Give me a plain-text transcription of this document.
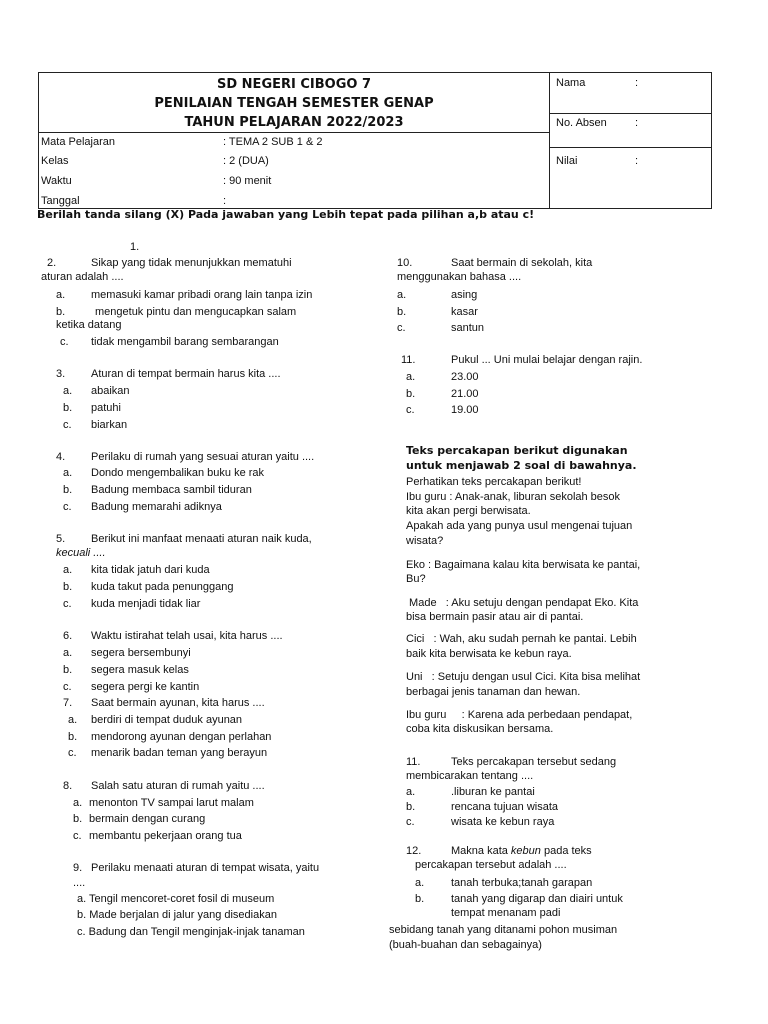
SD NEGERI CIBOGO 7
PENILAIAN TENGAH SEMESTER GENAP
TAHUN PELAJARAN 2022/2023
Mata Pelajaran	: TEMA 2 SUB 1 & 2
Kelas	: 2 (DUA)
Waktu	: 90 menit
Tanggal	:
Nama	:
No. Absen	:
Nilai	:
Berilah tanda silang (X) Pada jawaban yang Lebih tepat pada pilihan a,b atau c!
1.
2.	Sikap yang tidak menunjukkan mematuhi
aturan adalah ....
a. memasuki kamar pribadi orang lain tanpa izin
b.	mengetuk pintu dan mengucapkan salam
ketika datang
c. tidak mengambil barang sembarangan
3. Aturan di tempat bermain harus kita ....
a. abaikan
b. patuhi
c. biarkan
4. Perilaku di rumah yang sesuai aturan yaitu ....
a. Dondo mengembalikan buku ke rak
b. Badung membaca sambil tiduran
c. Badung memarahi adiknya
5. Berikut ini manfaat menaati aturan naik kuda,
kecuali ....
a. kita tidak jatuh dari kuda
b. kuda takut pada penunggang
c. kuda menjadi tidak liar
6. Waktu istirahat telah usai, kita harus ....
a. segera bersembunyi
b. segera masuk kelas
c. segera pergi ke kantin
7. Saat bermain ayunan, kita harus ....
a. berdiri di tempat duduk ayunan
b. mendorong ayunan dengan perlahan
c. menarik badan teman yang berayun
8. Salah satu aturan di rumah yaitu ....
a. menonton TV sampai larut malam
b. bermain dengan curang
c. membantu pekerjaan orang tua
9. Perilaku menaati aturan di tempat wisata, yaitu
....
a. Tengil mencoret-coret fosil di museum
b. Made berjalan di jalur yang disediakan
c. Badung dan Tengil menginjak-injak tanaman
10.	Saat bermain di sekolah, kita
menggunakan bahasa ....
a.	asing
b.	kasar
c.	santun
11.	Pukul ... Uni mulai belajar dengan rajin.
a.	23.00
b.	21.00
c.	19.00
Teks percakapan berikut digunakan
untuk menjawab 2 soal di bawahnya.
Perhatikan teks percakapan berikut!
Ibu guru : Anak-anak, liburan sekolah besok
kita akan pergi berwisata.
Apakah ada yang punya usul mengenai tujuan
wisata?
Eko : Bagaimana kalau kita berwisata ke pantai,
Bu?
Made   : Aku setuju dengan pendapat Eko. Kita
bisa bermain pasir atau air di pantai.
Cici   : Wah, aku sudah pernah ke pantai. Lebih
baik kita berwisata ke kebun raya.
Uni   : Setuju dengan usul Cici. Kita bisa melihat
berbagai jenis tanaman dan hewan.
Ibu guru     : Karena ada perbedaan pendapat,
coba kita diskusikan bersama.
11.	Teks percakapan tersebut sedang
membicarakan tentang ....
a.	.liburan ke pantai
b.	rencana tujuan wisata
c.	wisata ke kebun raya
12.	Makna kata kebun pada teks
percakapan tersebut adalah ....
a. tanah terbuka;tanah garapan
b. tanah yang digarap dan diairi untuk
tempat menanam padi
sebidang tanah yang ditanami pohon musiman
(buah-buahan dan sebagainya)
